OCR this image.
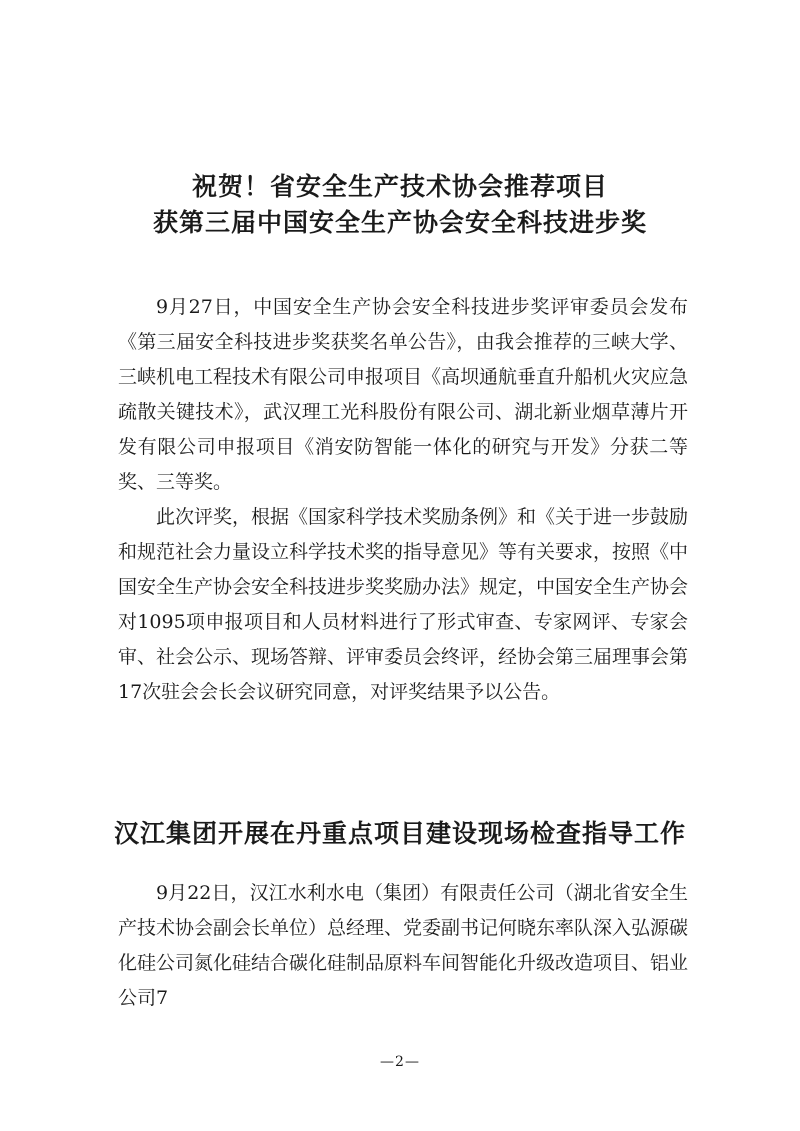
祝贺！省安全生产技术协会推荐项目
获第三届中国安全生产协会安全科技进步奖

9月27日，中国安全生产协会安全科技进步奖评审委员会发布《第三届安全科技进步奖获奖名单公告》，由我会推荐的三峡大学、三峡机电工程技术有限公司申报项目《高坝通航垂直升船机火灾应急疏散关键技术》，武汉理工光科股份有限公司、湖北新业烟草薄片开发有限公司申报项目《消安防智能一体化的研究与开发》分获二等奖、三等奖。

此次评奖，根据《国家科学技术奖励条例》和《关于进一步鼓励和规范社会力量设立科学技术奖的指导意见》等有关要求，按照《中国安全生产协会安全科技进步奖奖励办法》规定，中国安全生产协会对1095项申报项目和人员材料进行了形式审查、专家网评、专家会审、社会公示、现场答辩、评审委员会终评，经协会第三届理事会第17次驻会会长会议研究同意，对评奖结果予以公告。

汉江集团开展在丹重点项目建设现场检查指导工作

9月22日，汉江水利水电（集团）有限责任公司（湖北省安全生产技术协会副会长单位）总经理、党委副书记何晓东率队深入弘源碳化硅公司氮化硅结合碳化硅制品原料车间智能化升级改造项目、铝业公司7

—2—
